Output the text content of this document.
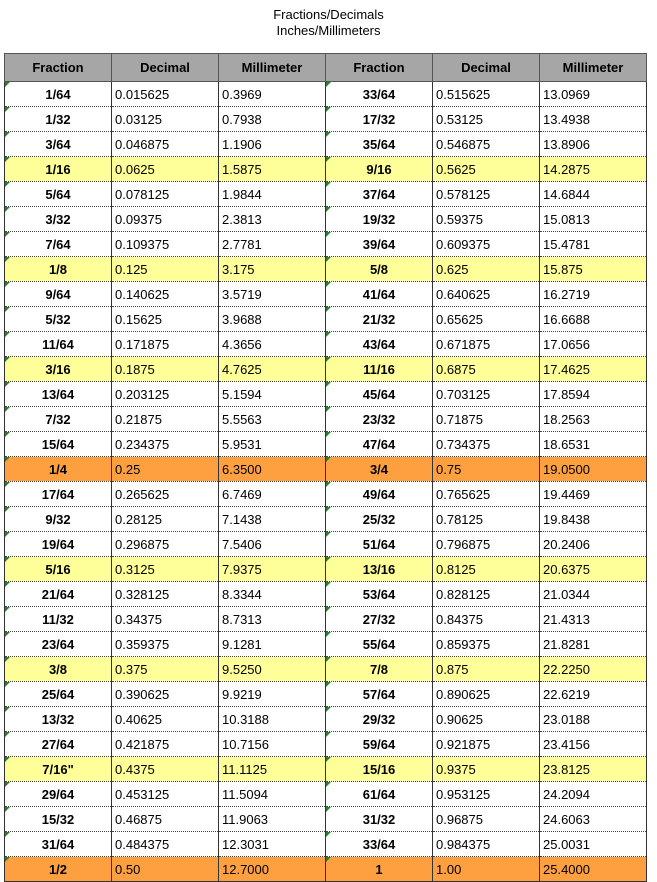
Fractions/Decimals
Inches/Millimeters
Fraction	Decimal	Millimeter	Fraction	Decimal	Millimeter
1/64	0.015625	0.3969	33/64	0.515625	13.0969
1/32	0.03125	0.7938	17/32	0.53125	13.4938
3/64	0.046875	1.1906	35/64	0.546875	13.8906
1/16	0.0625	1.5875	9/16	0.5625	14.2875
5/64	0.078125	1.9844	37/64	0.578125	14.6844
3/32	0.09375	2.3813	19/32	0.59375	15.0813
7/64	0.109375	2.7781	39/64	0.609375	15.4781
1/8	0.125	3.175	5/8	0.625	15.875
9/64	0.140625	3.5719	41/64	0.640625	16.2719
5/32	0.15625	3.9688	21/32	0.65625	16.6688
11/64	0.171875	4.3656	43/64	0.671875	17.0656
3/16	0.1875	4.7625	11/16	0.6875	17.4625
13/64	0.203125	5.1594	45/64	0.703125	17.8594
7/32	0.21875	5.5563	23/32	0.71875	18.2563
15/64	0.234375	5.9531	47/64	0.734375	18.6531
1/4	0.25	6.3500	3/4	0.75	19.0500
17/64	0.265625	6.7469	49/64	0.765625	19.4469
9/32	0.28125	7.1438	25/32	0.78125	19.8438
19/64	0.296875	7.5406	51/64	0.796875	20.2406
5/16	0.3125	7.9375	13/16	0.8125	20.6375
21/64	0.328125	8.3344	53/64	0.828125	21.0344
11/32	0.34375	8.7313	27/32	0.84375	21.4313
23/64	0.359375	9.1281	55/64	0.859375	21.8281
3/8	0.375	9.5250	7/8	0.875	22.2250
25/64	0.390625	9.9219	57/64	0.890625	22.6219
13/32	0.40625	10.3188	29/32	0.90625	23.0188
27/64	0.421875	10.7156	59/64	0.921875	23.4156
7/16"	0.4375	11.1125	15/16	0.9375	23.8125
29/64	0.453125	11.5094	61/64	0.953125	24.2094
15/32	0.46875	11.9063	31/32	0.96875	24.6063
31/64	0.484375	12.3031	33/64	0.984375	25.0031
1/2	0.50	12.7000	1	1.00	25.4000
